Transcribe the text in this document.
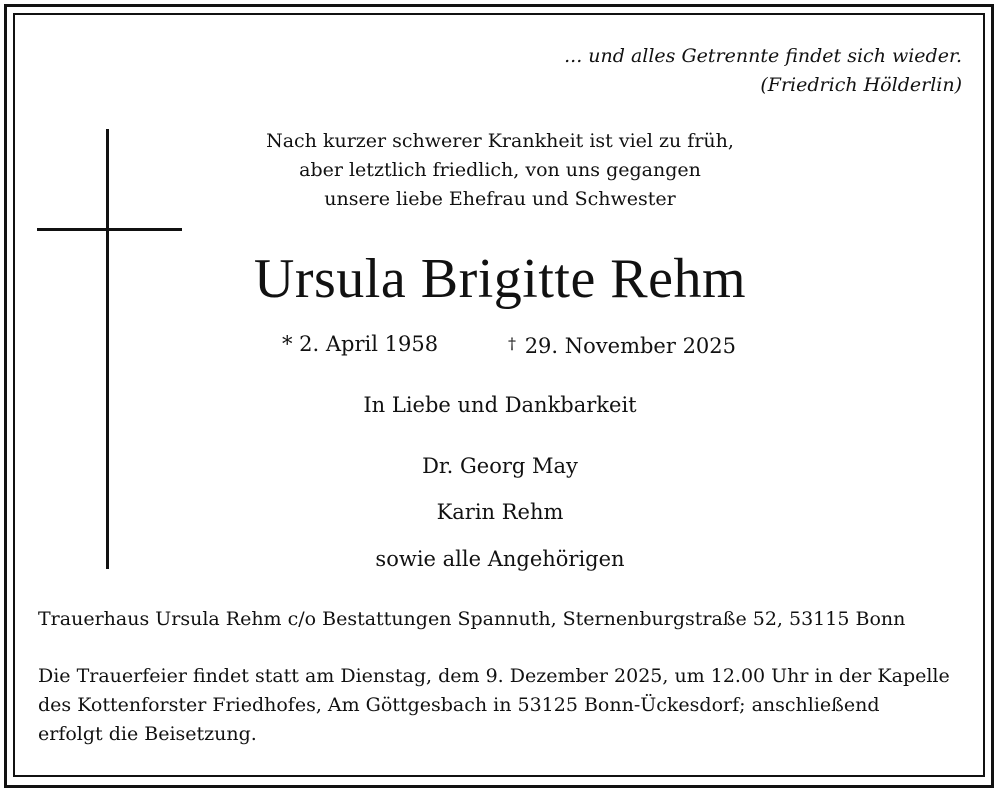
... und alles Getrennte findet sich wieder.
(Friedrich Hölderlin)
Nach kurzer schwerer Krankheit ist viel zu früh,
aber letztlich friedlich, von uns gegangen
unsere liebe Ehefrau und Schwester
Ursula Brigitte Rehm
* 2. April 1958	† 29. November 2025
In Liebe und Dankbarkeit
Dr. Georg May
Karin Rehm
sowie alle Angehörigen
Trauerhaus Ursula Rehm c/o Bestattungen Spannuth, Sternenburgstraße 52, 53115 Bonn
Die Trauerfeier findet statt am Dienstag, dem 9. Dezember 2025, um 12.00 Uhr in der Kapelle
des Kottenforster Friedhofes, Am Göttgesbach in 53125 Bonn-Ückesdorf; anschließend
erfolgt die Beisetzung.
